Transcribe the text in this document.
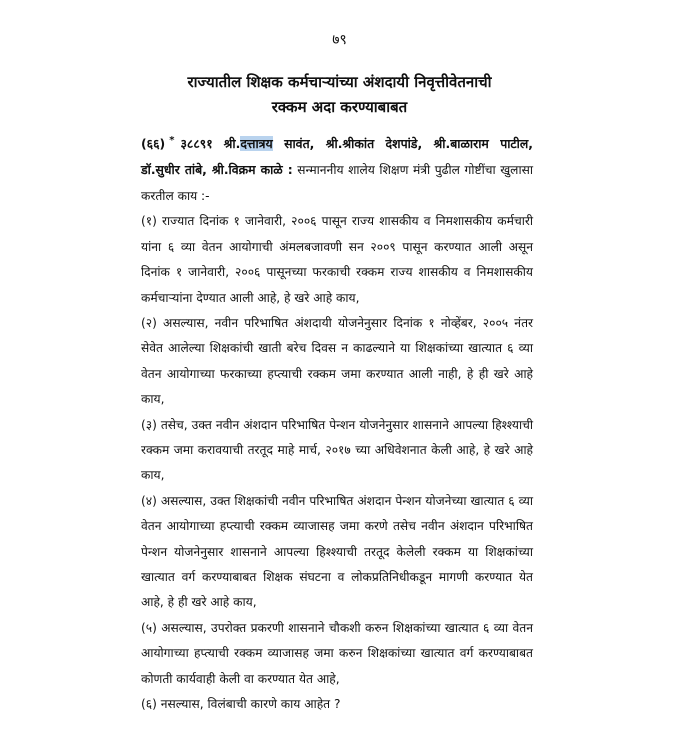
७९
राज्यातील शिक्षक कर्मचाऱ्यांच्या अंशदायी निवृत्तीवेतनाची
रक्कम अदा करण्याबाबत

(६६) * ३८८९१ श्री.दत्तात्रय सावंत, श्री.श्रीकांत देशपांडे, श्री.बाळाराम पाटील, डॉ.सुधीर तांबे, श्री.विक्रम काळे : सन्माननीय शालेय शिक्षण मंत्री पुढील गोष्टींचा खुलासा करतील काय :-

(१) राज्यात दिनांक १ जानेवारी, २००६ पासून राज्य शासकीय व निमशासकीय कर्मचारी यांना ६ व्या वेतन आयोगाची अंमलबजावणी सन २००९ पासून करण्यात आली असून दिनांक १ जानेवारी, २००६ पासूनच्या फरकाची रक्कम राज्य शासकीय व निमशासकीय कर्मचाऱ्यांना देण्यात आली आहे, हे खरे आहे काय,

(२) असल्यास, नवीन परिभाषित अंशदायी योजनेनुसार दिनांक १ नोव्हेंबर, २००५ नंतर सेवेत आलेल्या शिक्षकांची खाती बरेच दिवस न काढल्याने या शिक्षकांच्या खात्यात ६ व्या वेतन आयोगाच्या फरकाच्या हप्त्याची रक्कम जमा करण्यात आली नाही, हे ही खरे आहे काय,

(३) तसेच, उक्त नवीन अंशदान परिभाषित पेन्शन योजनेनुसार शासनाने आपल्या हिश्श्याची रक्कम जमा करावयाची तरतूद माहे मार्च, २०१७ च्या अधिवेशनात केली आहे, हे खरे आहे काय,

(४) असल्यास, उक्त शिक्षकांची नवीन परिभाषित अंशदान पेन्शन योजनेच्या खात्यात ६ व्या वेतन आयोगाच्या हप्त्याची रक्कम व्याजासह जमा करणे तसेच नवीन अंशदान परिभाषित पेन्शन योजनेनुसार शासनाने आपल्या हिश्श्याची तरतूद केलेली रक्कम या शिक्षकांच्या खात्यात वर्ग करण्याबाबत शिक्षक संघटना व लोकप्रतिनिधीकडून मागणी करण्यात येत आहे, हे ही खरे आहे काय,

(५) असल्यास, उपरोक्त प्रकरणी शासनाने चौकशी करुन शिक्षकांच्या खात्यात ६ व्या वेतन आयोगाच्या हप्त्याची रक्कम व्याजासह जमा करुन शिक्षकांच्या खात्यात वर्ग करण्याबाबत कोणती कार्यवाही केली वा करण्यात येत आहे,

(६) नसल्यास, विलंबाची कारणे काय आहेत ?
